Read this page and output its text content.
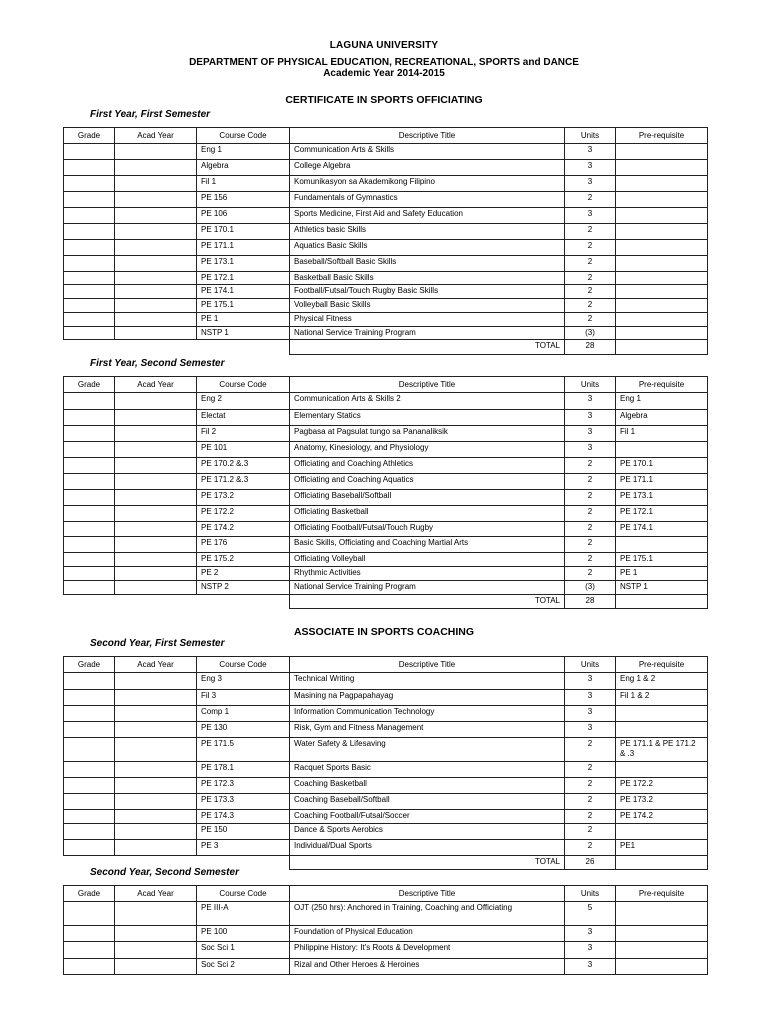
LAGUNA UNIVERSITY
DEPARTMENT OF PHYSICAL EDUCATION, RECREATIONAL, SPORTS and DANCE
Academic Year 2014-2015
CERTIFICATE IN SPORTS OFFICIATING
ASSOCIATE IN SPORTS COACHING
First Year, First Semester
Grade	Acad Year	Course Code	Descriptive Title	Units	Pre-requisite
		Eng 1	Communication Arts & Skills	3	
		Algebra	College Algebra	3	
		Fil 1	Komunikasyon sa Akademikong Filipino	3	
		PE 156	Fundamentals of Gymnastics	2	
		PE 106	Sports Medicine, First Aid and Safety Education	3	
		PE 170.1	Athletics basic Skills	2	
		PE 171.1	Aquatics Basic Skills	2	
		PE 173.1	Baseball/Softball Basic Skills	2	
		PE 172.1	Basketball Basic Skills	2	
		PE 174.1	Football/Futsal/Touch Rugby Basic Skills	2	
		PE 175.1	Volleyball Basic Skills	2	
		PE 1	Physical Fitness	2	
		NSTP 1	National Service Training Program	(3)	
			TOTAL	28	
First Year, Second Semester
Grade	Acad Year	Course Code	Descriptive Title	Units	Pre-requisite
		Eng 2	Communication Arts & Skills 2	3	Eng 1
		Electat	Elementary Statics	3	Algebra
		Fil 2	Pagbasa at Pagsulat tungo sa Pananaliksik	3	Fil 1
		PE 101	Anatomy, Kinesiology, and Physiology	3	
		PE 170.2 &.3	Officiating and Coaching Athletics	2	PE 170.1
		PE 171.2 &.3	Officiating and Coaching Aquatics	2	PE 171.1
		PE 173.2	Officiating Baseball/Softball	2	PE 173.1
		PE 172.2	Officiating Basketball	2	PE 172.1
		PE 174.2	Officiating Football/Futsal/Touch Rugby	2	PE 174.1
		PE 176	Basic Skills, Officiating and Coaching Martial Arts	2	
		PE 175.2	Officiating Volleyball	2	PE 175.1
		PE 2	Rhythmic Activities	2	PE 1
		NSTP 2	National Service Training Program	(3)	NSTP 1
			TOTAL	28	
Second Year, First Semester
Grade	Acad Year	Course Code	Descriptive Title	Units	Pre-requisite
		Eng 3	Technical Writing	3	Eng 1 & 2
		Fil 3	Masining na Pagpapahayag	3	Fil 1 & 2
		Comp 1	Information Communication Technology	3	
		PE 130	Risk, Gym and Fitness Management	3	
		PE 171.5	Water Safety & Lifesaving	2	PE 171.1 & PE 171.2 & .3
		PE 178.1	Racquet Sports Basic	2	
		PE 172.3	Coaching Basketball	2	PE 172.2
		PE 173.3	Coaching Baseball/Softball	2	PE 173.2
		PE 174.3	Coaching Football/Futsal/Soccer	2	PE 174.2
		PE 150	Dance & Sports Aerobics	2	
		PE 3	Individual/Dual Sports	2	PE1
			TOTAL	26	
Second Year, Second Semester
Grade	Acad Year	Course Code	Descriptive Title	Units	Pre-requisite
		PE III-A	OJT (250 hrs): Anchored in Training, Coaching and Officiating	5	
		PE 100	Foundation of Physical Education	3	
		Soc Sci 1	Philippine History: It's Roots & Development	3	
		Soc Sci 2	Rizal and Other Heroes & Heroines	3	
